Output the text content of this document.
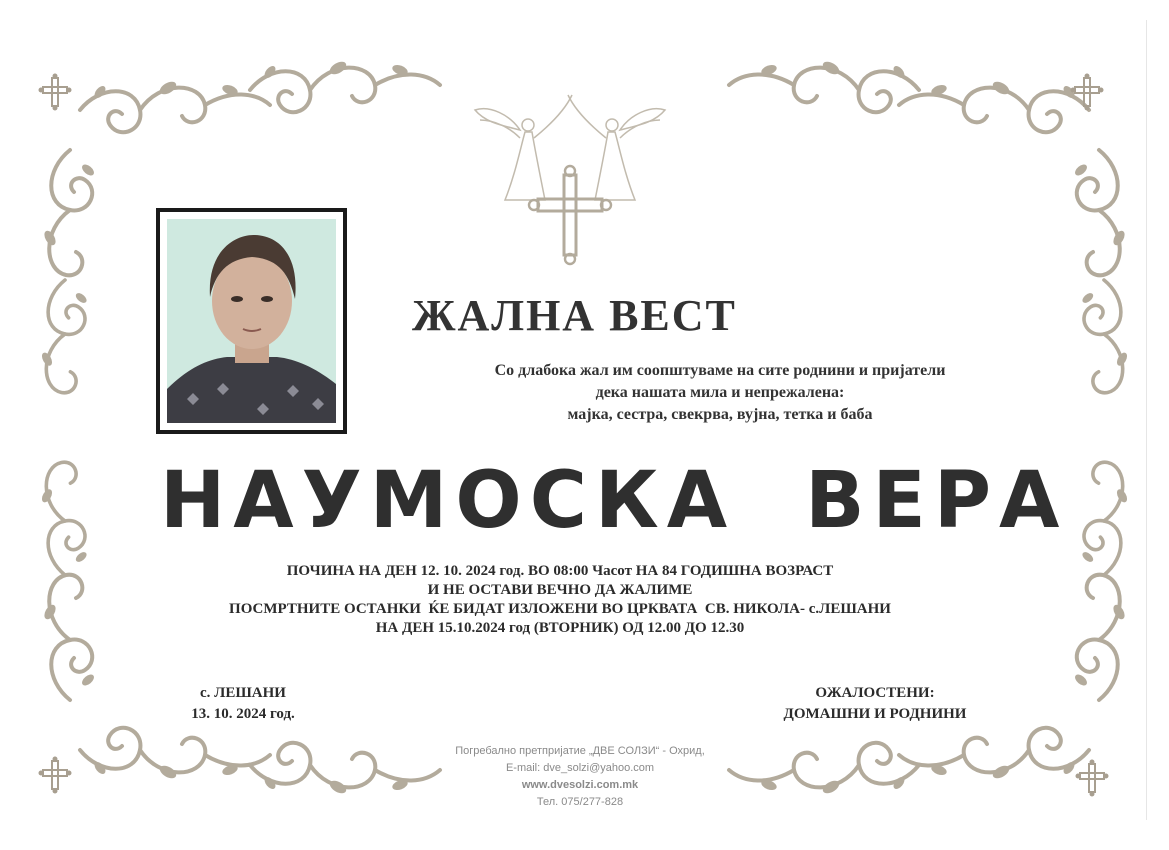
ЖАЛНА ВЕСТ
Со длабока жал им соопштуваме на сите роднини и пријатели
дека нашата мила и непрежалена:
мајка, сестра, свекрва, вујна, тетка и баба
НАУМОСКА ВЕРА
ПОЧИНА НА ДЕН 12. 10. 2024 год. ВО 08:00 Часот НА 84 ГОДИШНА ВОЗРАСТ
И НЕ ОСТАВИ ВЕЧНО ДА ЖАЛИМЕ
ПОСМРТНИТЕ ОСТАНКИ  ЌЕ БИДАТ ИЗЛОЖЕНИ ВО ЦРКВАТА  СВ. НИКОЛА- с.ЛЕШАНИ
НА ДЕН 15.10.2024 год (ВТОРНИК) ОД 12.00 ДО 12.30
с. ЛЕШАНИ
13. 10. 2024 год.
ОЖАЛОСТЕНИ:
ДОМАШНИ И РОДНИНИ
Погребално претпријатие „ДВЕ СОЛЗИ“ - Охрид,
E-mail: dve_solzi@yahoo.com
www.dvesolzi.com.mk
Тел. 075/277-828
